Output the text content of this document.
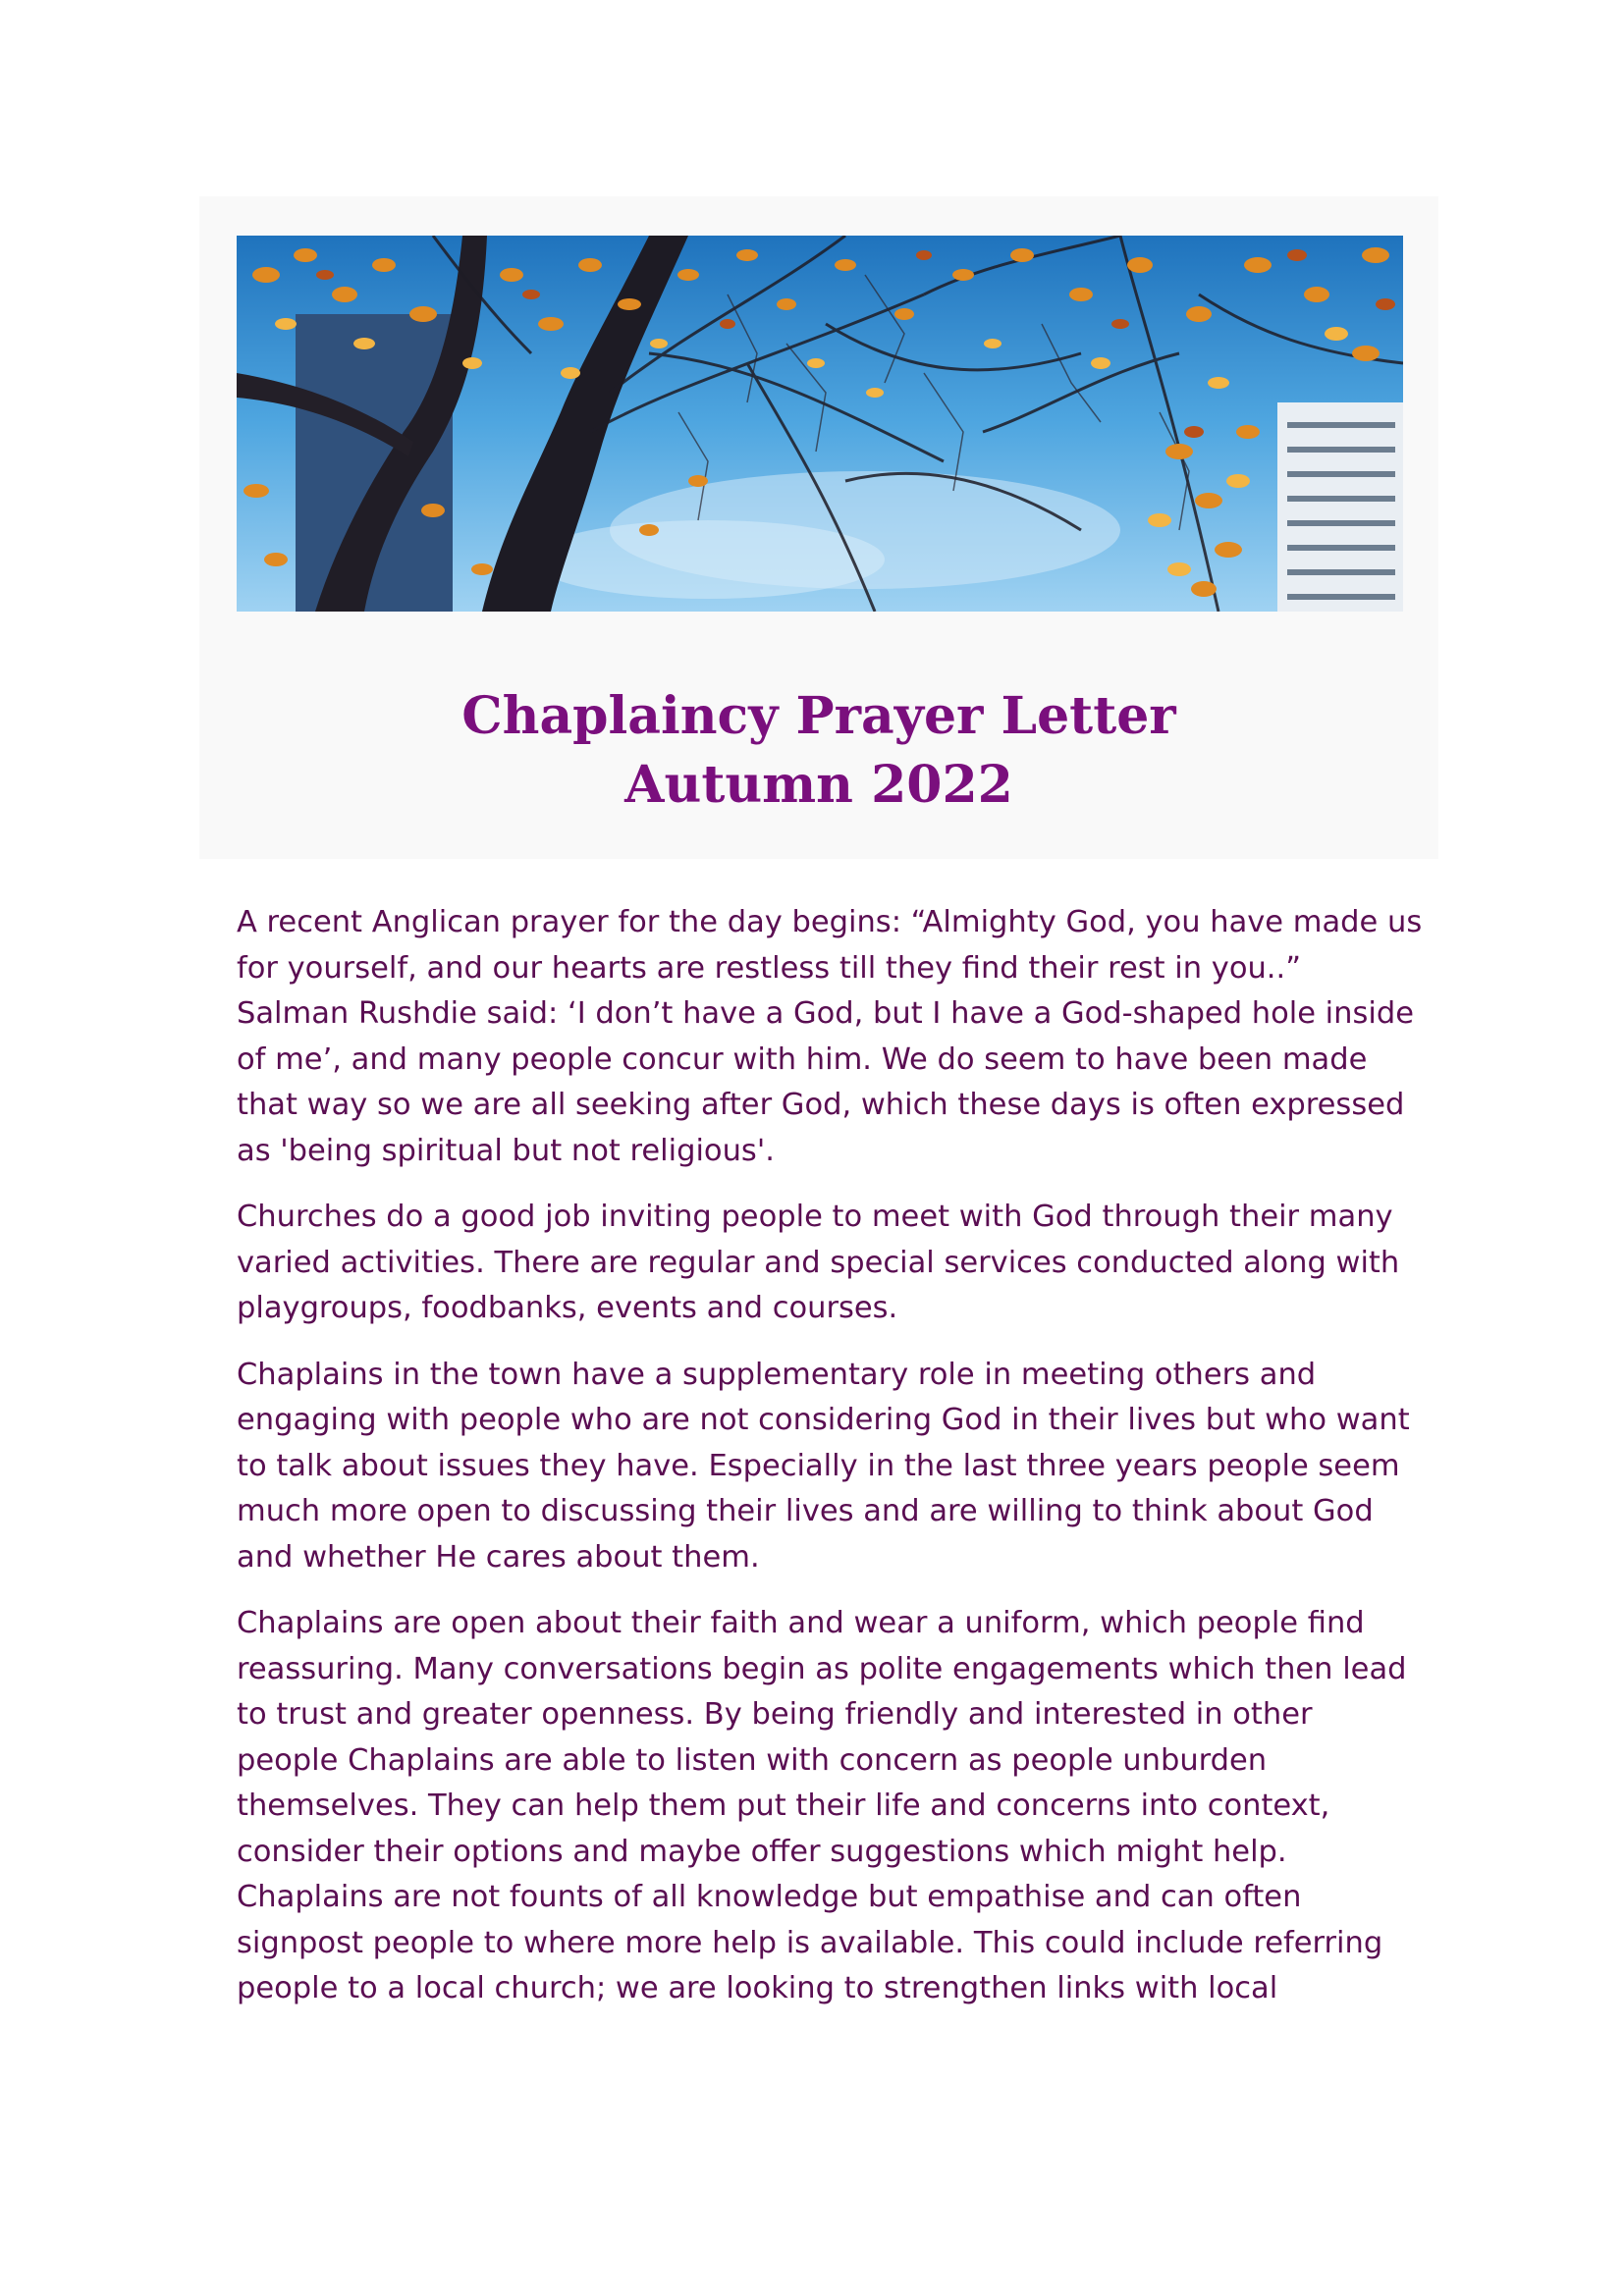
Chaplaincy Prayer Letter
Autumn 2022

A recent Anglican prayer for the day begins: “Almighty God, you have made us
for yourself, and our hearts are restless till they find their rest in you..”
Salman Rushdie said: ‘I don’t have a God, but I have a God-shaped hole inside
of me’, and many people concur with him. We do seem to have been made
that way so we are all seeking after God, which these days is often expressed
as 'being spiritual but not religious'.

Churches do a good job inviting people to meet with God through their many
varied activities. There are regular and special services conducted along with
playgroups, foodbanks, events and courses.

Chaplains in the town have a supplementary role in meeting others and
engaging with people who are not considering God in their lives but who want
to talk about issues they have. Especially in the last three years people seem
much more open to discussing their lives and are willing to think about God
and whether He cares about them.

Chaplains are open about their faith and wear a uniform, which people find
reassuring. Many conversations begin as polite engagements which then lead
to trust and greater openness. By being friendly and interested in other
people Chaplains are able to listen with concern as people unburden
themselves. They can help them put their life and concerns into context,
consider their options and maybe offer suggestions which might help.
Chaplains are not founts of all knowledge but empathise and can often
signpost people to where more help is available. This could include referring
people to a local church; we are looking to strengthen links with local
